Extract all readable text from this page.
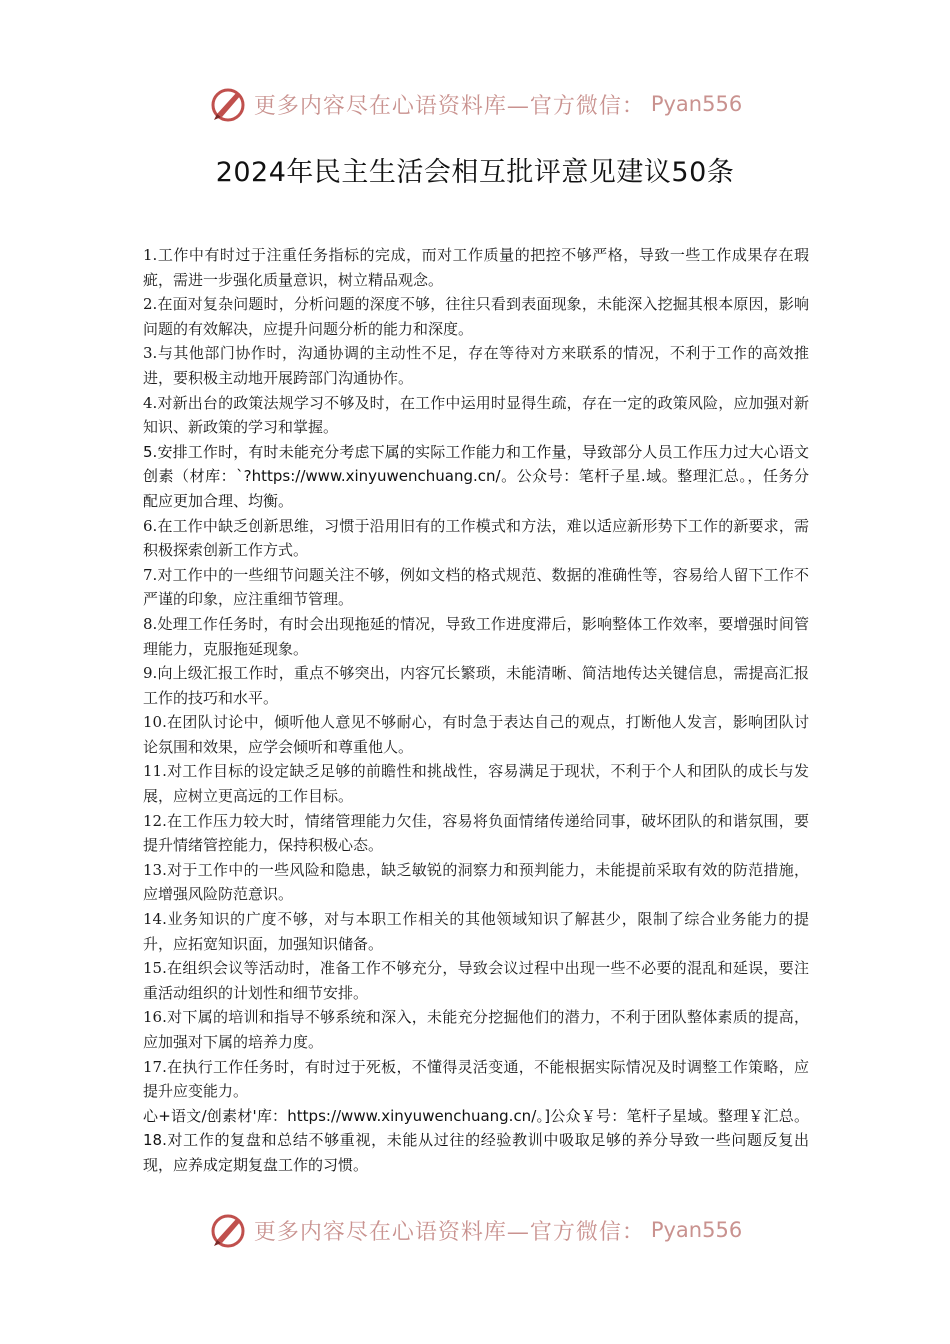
更多内容尽在心语资料库—官方微信： Pyan556
2024年民主生活会相互批评意见建议50条

1.工作中有时过于注重任务指标的完成，而对工作质量的把控不够严格，导致一些工作成果存在瑕疵，需进一步强化质量意识，树立精品观念。

2.在面对复杂问题时，分析问题的深度不够，往往只看到表面现象，未能深入挖掘其根本原因，影响问题的有效解决，应提升问题分析的能力和深度。

3.与其他部门协作时，沟通协调的主动性不足，存在等待对方来联系的情况，不利于工作的高效推进，要积极主动地开展跨部门沟通协作。

4.对新出台的政策法规学习不够及时，在工作中运用时显得生疏，存在一定的政策风险，应加强对新知识、新政策的学习和掌握。

5.安排工作时，有时未能充分考虑下属的实际工作能力和工作量，导致部分人员工作压力过大心语文创素（材库：`?https://www.xinyuwenchuang.cn/。公众号：笔杆子星.域。整理汇总。，任务分配应更加合理、均衡。

6.在工作中缺乏创新思维，习惯于沿用旧有的工作模式和方法，难以适应新形势下工作的新要求，需积极探索创新工作方式。

7.对工作中的一些细节问题关注不够，例如文档的格式规范、数据的准确性等，容易给人留下工作不严谨的印象，应注重细节管理。

8.处理工作任务时，有时会出现拖延的情况，导致工作进度滞后，影响整体工作效率，要增强时间管理能力，克服拖延现象。

9.向上级汇报工作时，重点不够突出，内容冗长繁琐，未能清晰、简洁地传达关键信息，需提高汇报工作的技巧和水平。

10.在团队讨论中，倾听他人意见不够耐心，有时急于表达自己的观点，打断他人发言，影响团队讨论氛围和效果，应学会倾听和尊重他人。

11.对工作目标的设定缺乏足够的前瞻性和挑战性，容易满足于现状，不利于个人和团队的成长与发展，应树立更高远的工作目标。

12.在工作压力较大时，情绪管理能力欠佳，容易将负面情绪传递给同事，破坏团队的和谐氛围，要提升情绪管控能力，保持积极心态。

13.对于工作中的一些风险和隐患，缺乏敏锐的洞察力和预判能力，未能提前采取有效的防范措施，应增强风险防范意识。

14.业务知识的广度不够，对与本职工作相关的其他领域知识了解甚少，限制了综合业务能力的提升，应拓宽知识面，加强知识储备。

15.在组织会议等活动时，准备工作不够充分，导致会议过程中出现一些不必要的混乱和延误，要注重活动组织的计划性和细节安排。

16.对下属的培训和指导不够系统和深入，未能充分挖掘他们的潜力，不利于团队整体素质的提高，应加强对下属的培养力度。

17.在执行工作任务时，有时过于死板，不懂得灵活变通，不能根据实际情况及时调整工作策略，应提升应变能力。

心+语文/创素材'库：https://www.xinyuwenchuang.cn/。]公众￥号：笔杆子星域。整理￥汇总。18.对工作的复盘和总结不够重视，未能从过往的经验教训中吸取足够的养分导致一些问题反复出现，应养成定期复盘工作的习惯。

更多内容尽在心语资料库—官方微信： Pyan556
